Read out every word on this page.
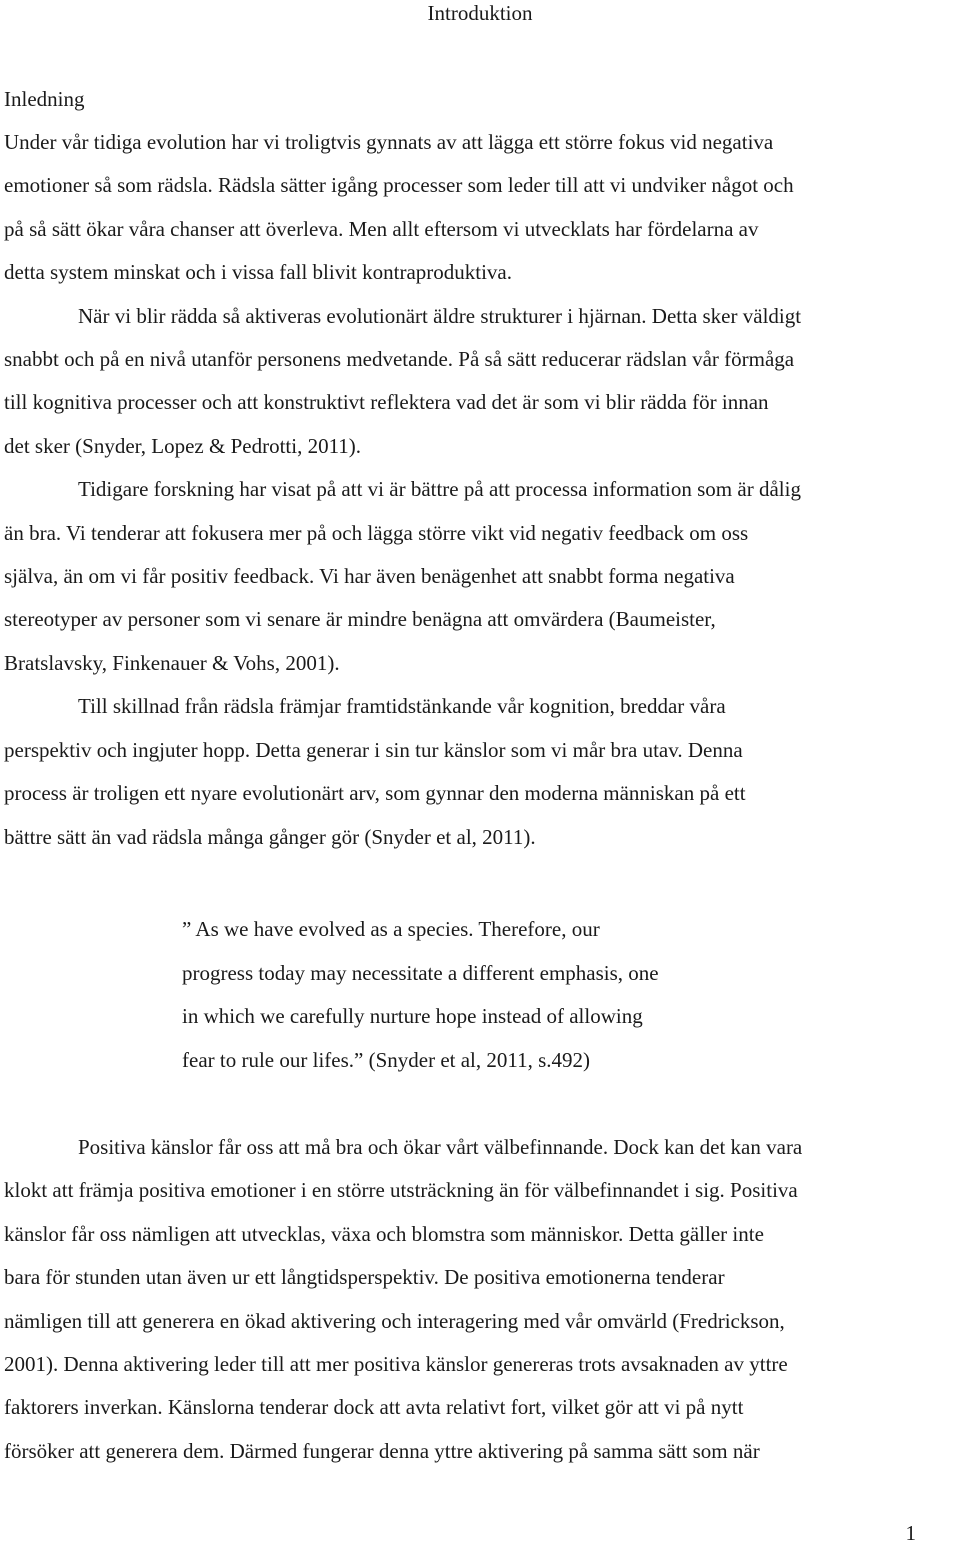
Introduktion
Inledning
Under vår tidiga evolution har vi troligtvis gynnats av att lägga ett större fokus vid negativa
emotioner så som rädsla. Rädsla sätter igång processer som leder till att vi undviker något och
på så sätt ökar våra chanser att överleva. Men allt eftersom vi utvecklats har fördelarna av
detta system minskat och i vissa fall blivit kontraproduktiva.
När vi blir rädda så aktiveras evolutionärt äldre strukturer i hjärnan. Detta sker väldigt
snabbt och på en nivå utanför personens medvetande. På så sätt reducerar rädslan vår förmåga
till kognitiva processer och att konstruktivt reflektera vad det är som vi blir rädda för innan
det sker (Snyder, Lopez & Pedrotti, 2011).
Tidigare forskning har visat på att vi är bättre på att processa information som är dålig
än bra. Vi tenderar att fokusera mer på och lägga större vikt vid negativ feedback om oss
själva, än om vi får positiv feedback. Vi har även benägenhet att snabbt forma negativa
stereotyper av personer som vi senare är mindre benägna att omvärdera (Baumeister,
Bratslavsky, Finkenauer & Vohs, 2001).
Till skillnad från rädsla främjar framtidstänkande vår kognition, breddar våra
perspektiv och ingjuter hopp. Detta generar i sin tur känslor som vi mår bra utav. Denna
process är troligen ett nyare evolutionärt arv, som gynnar den moderna människan på ett
bättre sätt än vad rädsla många gånger gör (Snyder et al, 2011).
” As we have evolved as a species. Therefore, our
progress today may necessitate a different emphasis, one
in which we carefully nurture hope instead of allowing
fear to rule our lifes.” (Snyder et al, 2011, s.492)
Positiva känslor får oss att må bra och ökar vårt välbefinnande. Dock kan det kan vara
klokt att främja positiva emotioner i en större utsträckning än för välbefinnandet i sig. Positiva
känslor får oss nämligen att utvecklas, växa och blomstra som människor. Detta gäller inte
bara för stunden utan även ur ett långtidsperspektiv. De positiva emotionerna tenderar
nämligen till att generera en ökad aktivering och interagering med vår omvärld (Fredrickson,
2001). Denna aktivering leder till att mer positiva känslor genereras trots avsaknaden av yttre
faktorers inverkan. Känslorna tenderar dock att avta relativt fort, vilket gör att vi på nytt
försöker att generera dem. Därmed fungerar denna yttre aktivering på samma sätt som när
1
